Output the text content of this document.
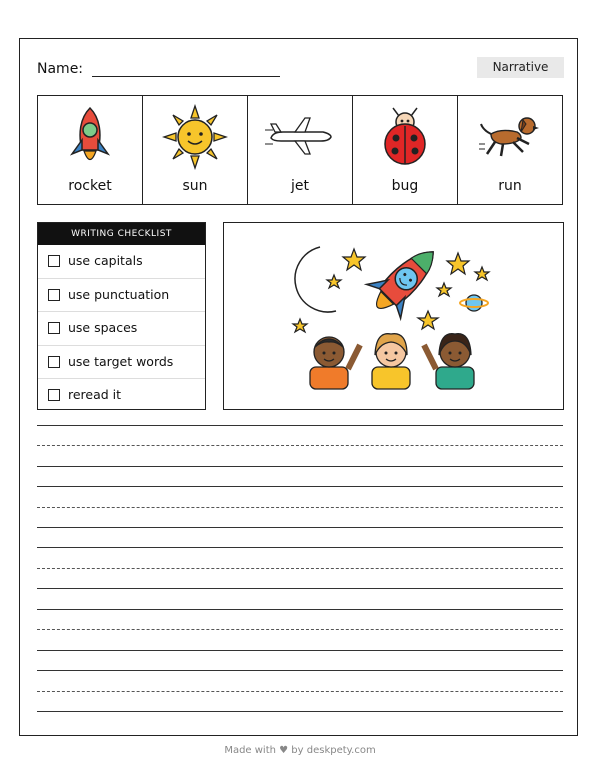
Name:	Narrative
rocket	sun	jet	bug	run
WRITING CHECKLIST
use capitals
use punctuation
use spaces
use target words
reread it
Made with ♥ by deskpety.com
